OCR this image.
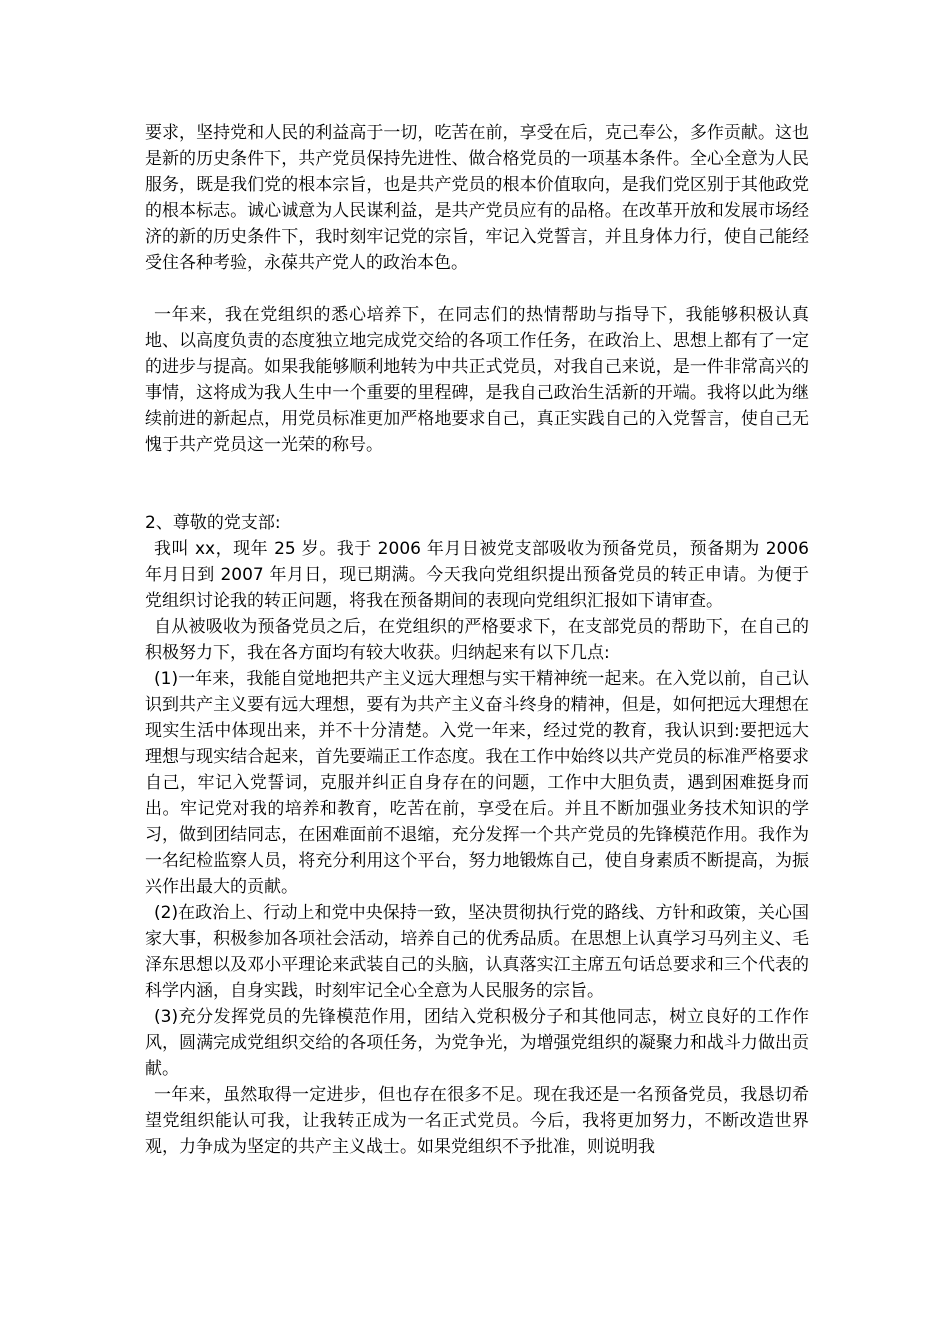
要求，坚持党和人民的利益高于一切，吃苦在前，享受在后，克己奉公，多作贡献。这也是新的历史条件下，共产党员保持先进性、做合格党员的一项基本条件。全心全意为人民服务，既是我们党的根本宗旨，也是共产党员的根本价值取向，是我们党区别于其他政党的根本标志。诚心诚意为人民谋利益，是共产党员应有的品格。在改革开放和发展市场经济的新的历史条件下，我时刻牢记党的宗旨，牢记入党誓言，并且身体力行，使自己能经受住各种考验，永葆共产党人的政治本色。

一年来，我在党组织的悉心培养下，在同志们的热情帮助与指导下，我能够积极认真地、以高度负责的态度独立地完成党交给的各项工作任务，在政治上、思想上都有了一定的进步与提高。如果我能够顺利地转为中共正式党员，对我自己来说，是一件非常高兴的事情，这将成为我人生中一个重要的里程碑，是我自己政治生活新的开端。我将以此为继续前进的新起点，用党员标准更加严格地要求自己，真正实践自己的入党誓言，使自己无愧于共产党员这一光荣的称号。

2、尊敬的党支部:

我叫 xx，现年 25 岁。我于 2006 年月日被党支部吸收为预备党员，预备期为 2006 年月日到 2007 年月日，现已期满。今天我向党组织提出预备党员的转正申请。为便于党组织讨论我的转正问题，将我在预备期间的表现向党组织汇报如下请审查。

自从被吸收为预备党员之后，在党组织的严格要求下，在支部党员的帮助下，在自己的积极努力下，我在各方面均有较大收获。归纳起来有以下几点:

(1)一年来，我能自觉地把共产主义远大理想与实干精神统一起来。在入党以前，自己认识到共产主义要有远大理想，要有为共产主义奋斗终身的精神，但是，如何把远大理想在现实生活中体现出来，并不十分清楚。入党一年来，经过党的教育，我认识到:要把远大理想与现实结合起来，首先要端正工作态度。我在工作中始终以共产党员的标准严格要求自己，牢记入党誓词，克服并纠正自身存在的问题，工作中大胆负责，遇到困难挺身而出。牢记党对我的培养和教育，吃苦在前，享受在后。并且不断加强业务技术知识的学习，做到团结同志，在困难面前不退缩，充分发挥一个共产党员的先锋模范作用。我作为一名纪检监察人员，将充分利用这个平台，努力地锻炼自己，使自身素质不断提高，为振兴作出最大的贡献。

(2)在政治上、行动上和党中央保持一致，坚决贯彻执行党的路线、方针和政策，关心国家大事，积极参加各项社会活动，培养自己的优秀品质。在思想上认真学习马列主义、毛泽东思想以及邓小平理论来武装自己的头脑，认真落实江主席五句话总要求和三个代表的科学内涵，自身实践，时刻牢记全心全意为人民服务的宗旨。

(3)充分发挥党员的先锋模范作用，团结入党积极分子和其他同志，树立良好的工作作风，圆满完成党组织交给的各项任务，为党争光，为增强党组织的凝聚力和战斗力做出贡献。

一年来，虽然取得一定进步，但也存在很多不足。现在我还是一名预备党员，我恳切希望党组织能认可我，让我转正成为一名正式党员。今后，我将更加努力，不断改造世界观，力争成为坚定的共产主义战士。如果党组织不予批准，则说明我
